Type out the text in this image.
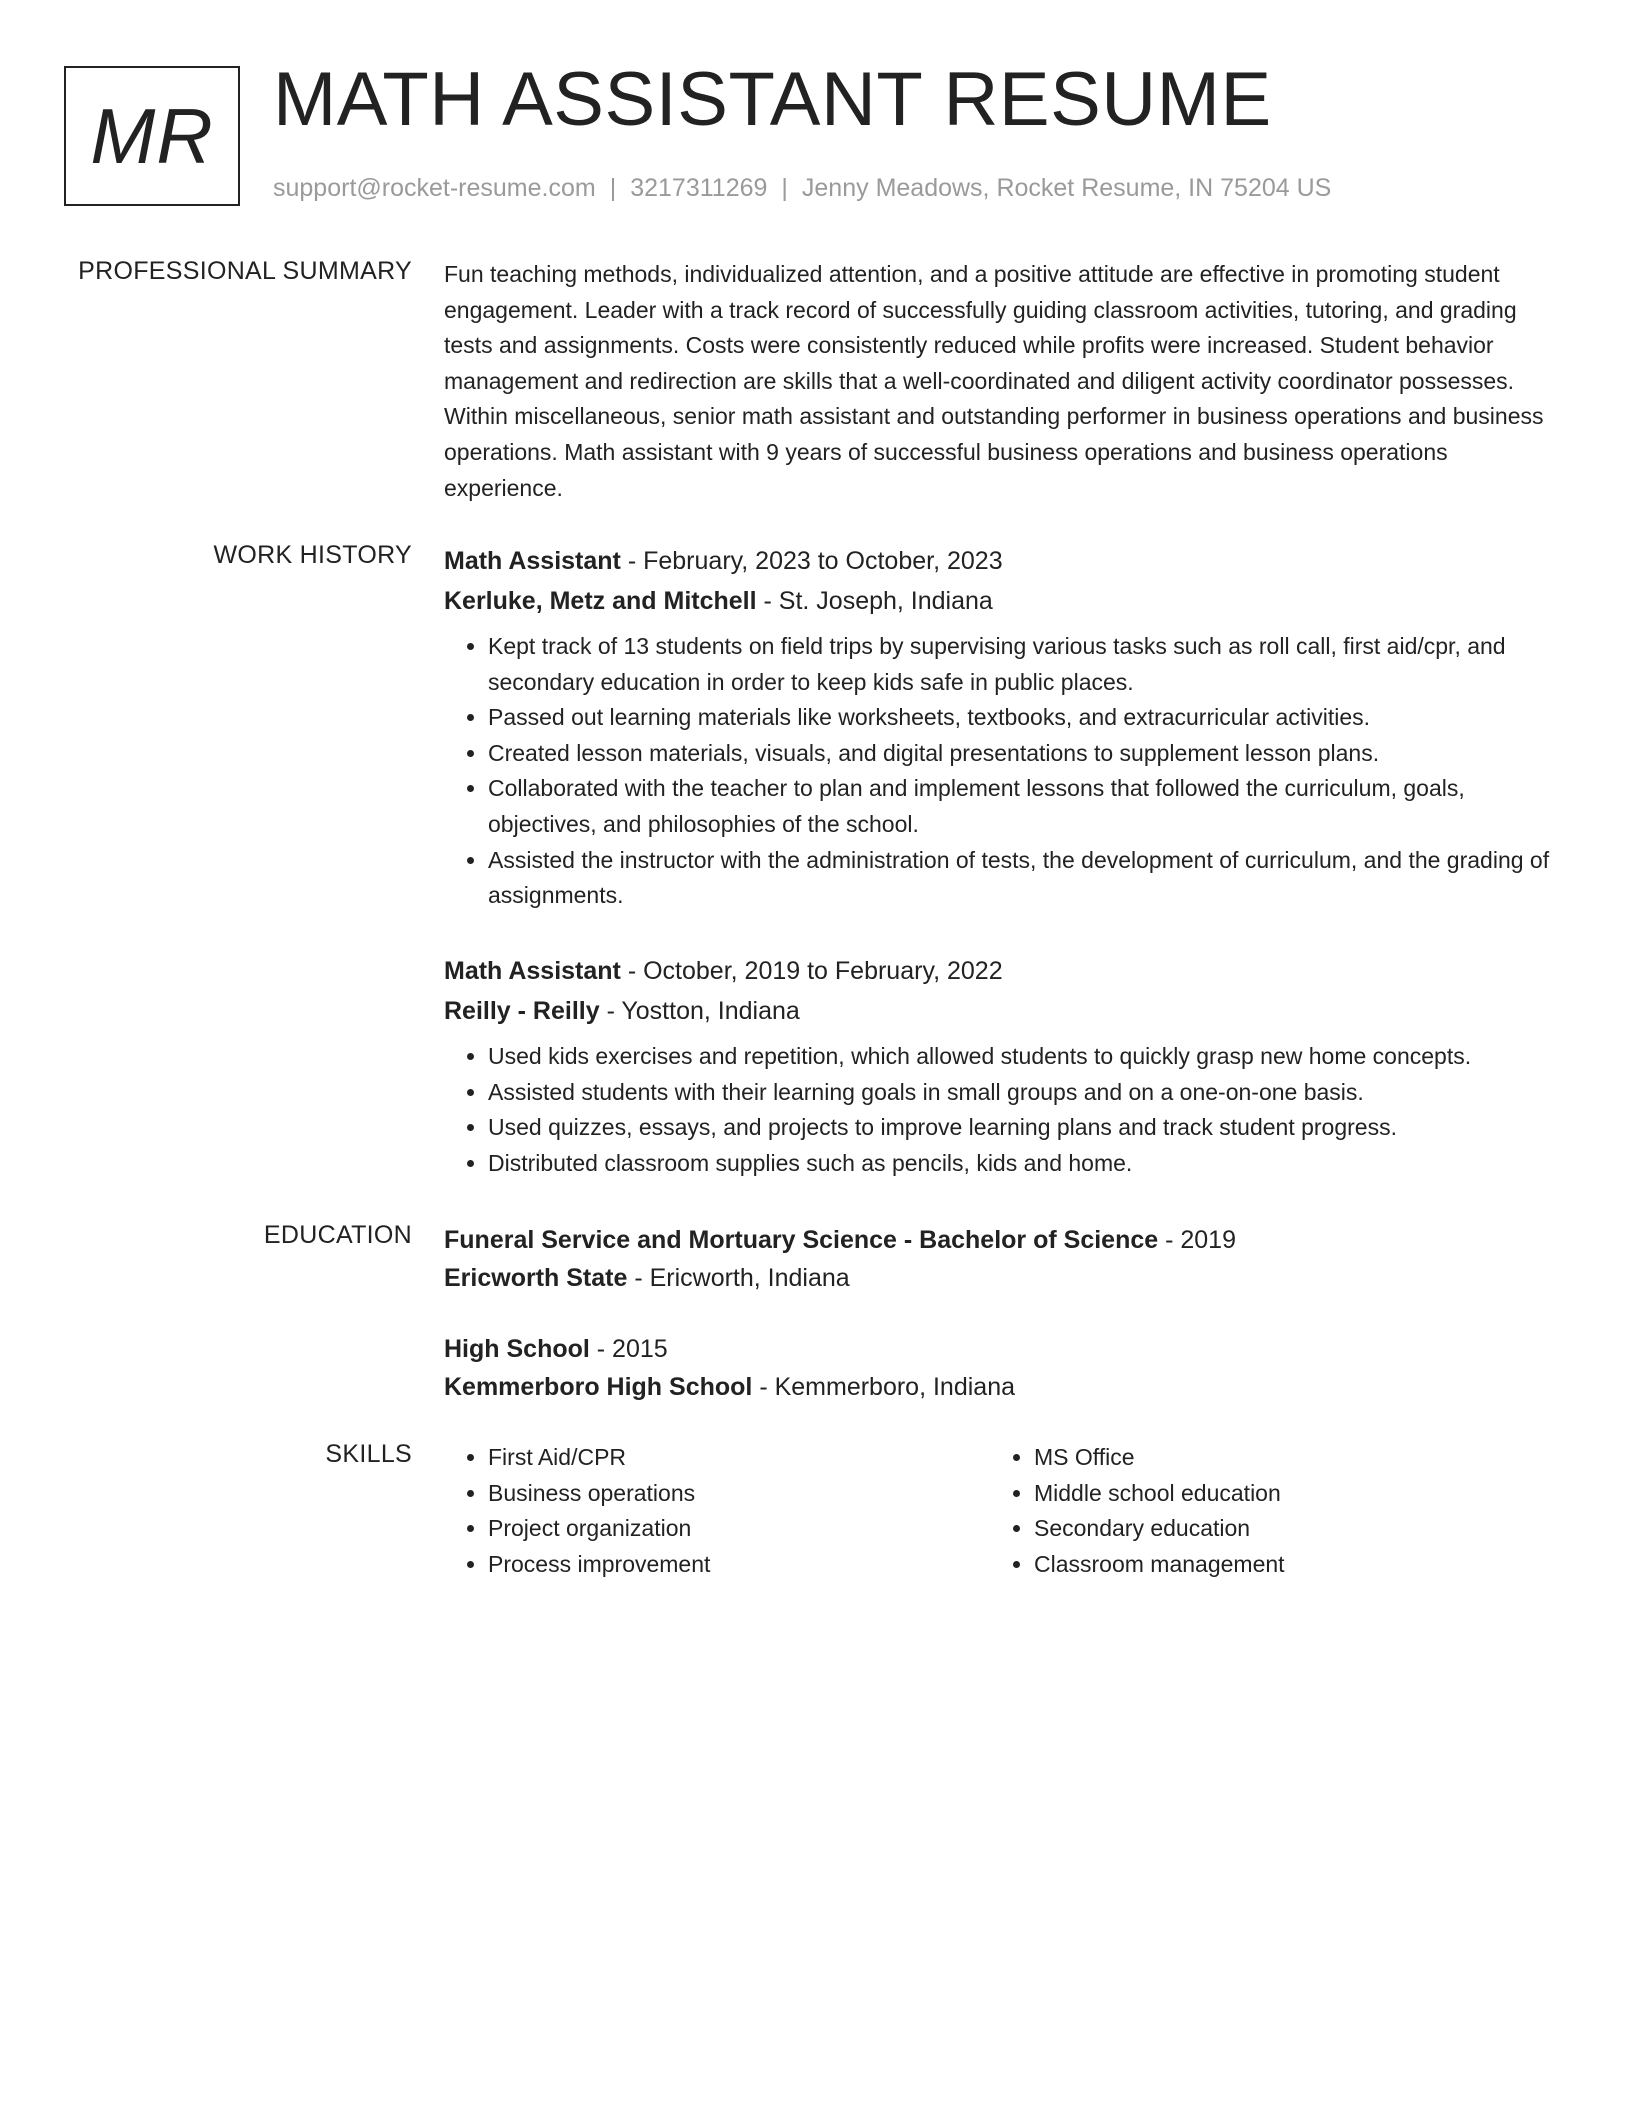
MR MATH ASSISTANT RESUME
support@rocket-resume.com | 3217311269 | Jenny Meadows, Rocket Resume, IN 75204 US
PROFESSIONAL SUMMARY Fun teaching methods, individualized attention, and a positive attitude are effective in promoting student engagement. Leader with a track record of successfully guiding classroom activities, tutoring, and grading tests and assignments. Costs were consistently reduced while profits were increased. Student behavior management and redirection are skills that a well-coordinated and diligent activity coordinator possesses. Within miscellaneous, senior math assistant and outstanding performer in business operations and business operations. Math assistant with 9 years of successful business operations and business operations experience.

WORK HISTORY Math Assistant - February, 2023 to October, 2023
Kerluke, Metz and Mitchell - St. Joseph, Indiana
• Kept track of 13 students on field trips by supervising various tasks such as roll call, first aid/cpr, and secondary education in order to keep kids safe in public places.
• Passed out learning materials like worksheets, textbooks, and extracurricular activities.
• Created lesson materials, visuals, and digital presentations to supplement lesson plans.
• Collaborated with the teacher to plan and implement lessons that followed the curriculum, goals, objectives, and philosophies of the school.
• Assisted the instructor with the administration of tests, the development of curriculum, and the grading of assignments.
Math Assistant - October, 2019 to February, 2022
Reilly - Reilly - Yostton, Indiana
• Used kids exercises and repetition, which allowed students to quickly grasp new home concepts.
• Assisted students with their learning goals in small groups and on a one-on-one basis.
• Used quizzes, essays, and projects to improve learning plans and track student progress.
• Distributed classroom supplies such as pencils, kids and home.
EDUCATION Funeral Service and Mortuary Science - Bachelor of Science - 2019
Ericworth State - Ericworth, Indiana
High School - 2015
Kemmerboro High School - Kemmerboro, Indiana
SKILLS
•	First Aid/CPR
• Business operations
• Project organization
• Process improvement
• MS Office
• Middle school education
• Secondary education
• Classroom management
